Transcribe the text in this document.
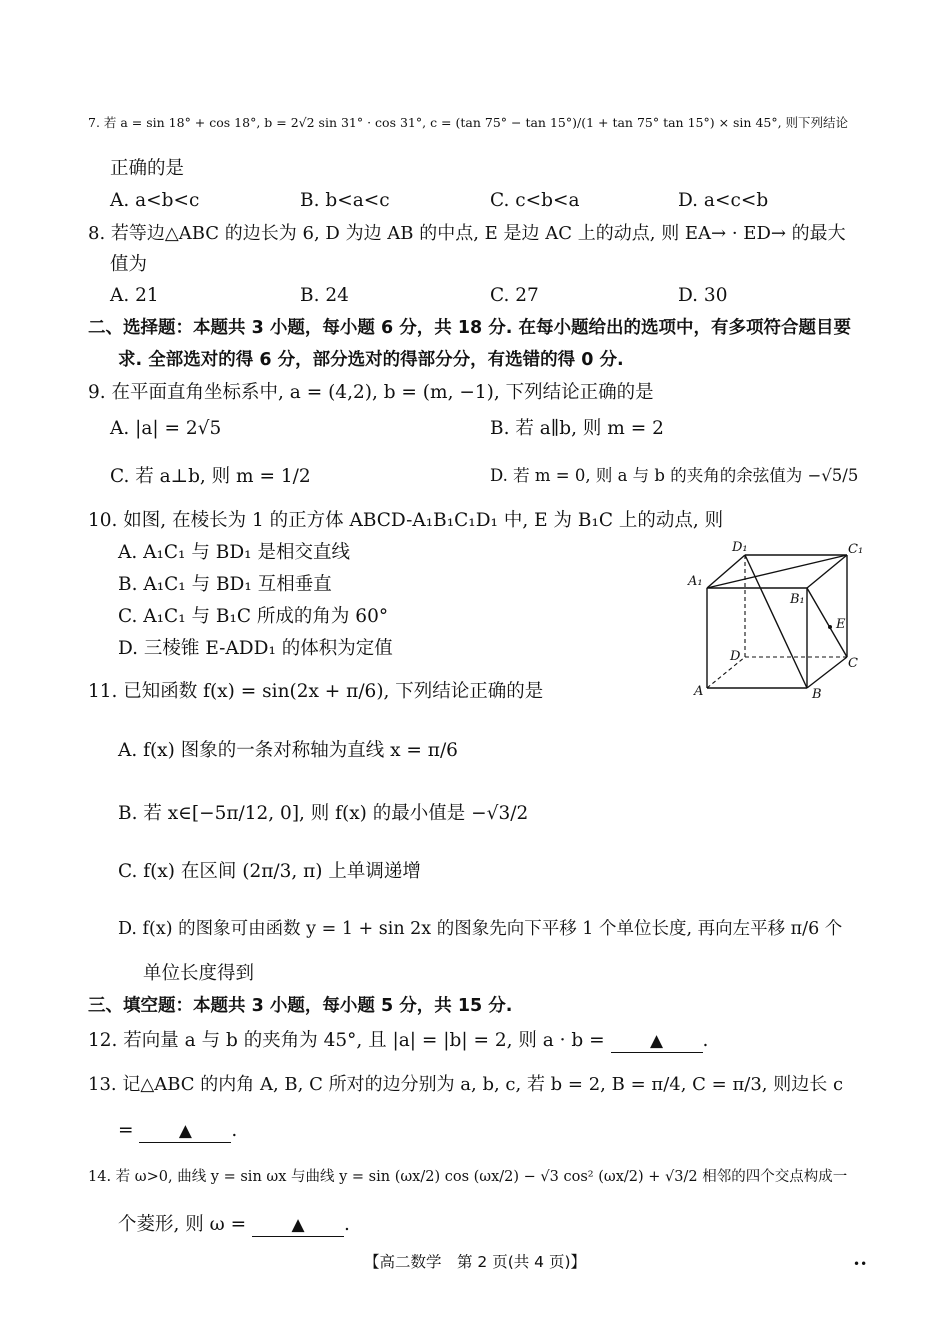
7. 若 a = sin 18° + cos 18°, b = 2√2 sin 31° · cos 31°, c = (tan 75° − tan 15°)/(1 + tan 75° tan 15°) × sin 45°, 则下列结论
正确的是
A. a<b<c	B. b<a<c	C. c<b<a	D. a<c<b
8. 若等边△ABC 的边长为 6, D 为边 AB 的中点, E 是边 AC 上的动点, 则 EA→ · ED→ 的最大
值为
A. 21	B. 24	C. 27	D. 30
二、选择题：本题共 3 小题，每小题 6 分，共 18 分. 在每小题给出的选项中，有多项符合题目要
求. 全部选对的得 6 分，部分选对的得部分分，有选错的得 0 分.
9. 在平面直角坐标系中, a = (4,2), b = (m, −1), 下列结论正确的是
A. |a| = 2√5	B. 若 a∥b, 则 m = 2
C. 若 a⊥b, 则 m = 1/2	D. 若 m = 0, 则 a 与 b 的夹角的余弦值为 −√5/5
10. 如图, 在棱长为 1 的正方体 ABCD-A₁B₁C₁D₁ 中, E 为 B₁C 上的动点, 则
A. A₁C₁ 与 BD₁ 是相交直线
B. A₁C₁ 与 BD₁ 互相垂直
C. A₁C₁ 与 B₁C 所成的角为 60°
D. 三棱锥 E-ADD₁ 的体积为定值
D₁	C₁
A₁
B₁
E
D	C
A	B
11. 已知函数 f(x) = sin(2x + π/6), 下列结论正确的是
A. f(x) 图象的一条对称轴为直线 x = π/6
B. 若 x∈[−5π/12, 0], 则 f(x) 的最小值是 −√3/2
C. f(x) 在区间 (2π/3, π) 上单调递增
D. f(x) 的图象可由函数 y = 1 + sin 2x 的图象先向下平移 1 个单位长度, 再向左平移 π/6 个
单位长度得到
三、填空题：本题共 3 小题，每小题 5 分，共 15 分.
12. 若向量 a 与 b 的夹角为 45°, 且 |a| = |b| = 2, 则 a · b =	▲ .
13. 记△ABC 的内角 A, B, C 所对的边分别为 a, b, c, 若 b = 2, B = π/4, C = π/3, 则边长 c
=	▲ .
14. 若 ω>0, 曲线 y = sin ωx 与曲线 y = sin (ωx/2) cos (ωx/2) − √3 cos² (ωx/2) + √3/2 相邻的四个交点构成一
个菱形, 则 ω =	▲ .
【高二数学　第 2 页(共 4 页)】	••
